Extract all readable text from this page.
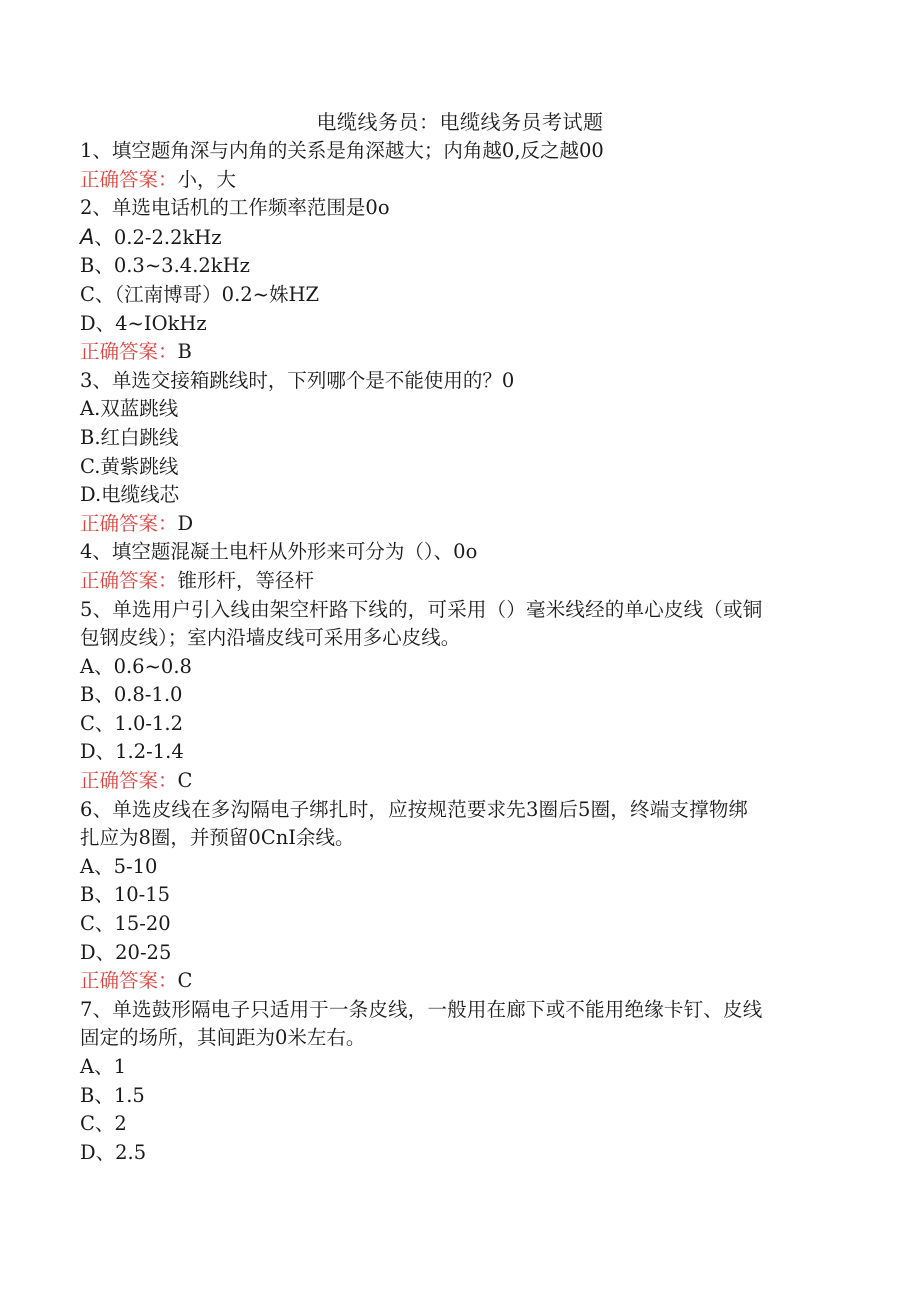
电缆线务员：电缆线务员考试题
1、填空题角深与内角的关系是角深越大；内角越0,反之越00
正确答案：小，大
2、单选电话机的工作频率范围是0o
A、0.2-2.2kHz
B、0.3~3.4.2kHz
C、（江南博哥）0.2~姝HZ
D、4~IOkHz
正确答案：B
3、单选交接箱跳线时，下列哪个是不能使用的？0
A.双蓝跳线
B.红白跳线
C.黄紫跳线
D.电缆线芯
正确答案：D
4、填空题混凝土电杆从外形来可分为（）、0o
正确答案：锥形杆，等径杆
5、单选用户引入线由架空杆路下线的，可采用（）毫米线经的单心皮线（或铜
包钢皮线）；室内沿墙皮线可采用多心皮线。
A、0.6~0.8
B、0.8-1.0
C、1.0-1.2
D、1.2-1.4
正确答案：C
6、单选皮线在多沟隔电子绑扎时，应按规范要求先3圈后5圈，终端支撑物绑
扎应为8圈，并预留0CnI余线。
A、5-10
B、10-15
C、15-20
D、20-25
正确答案：C
7、单选鼓形隔电子只适用于一条皮线，一般用在廊下或不能用绝缘卡钉、皮线
固定的场所，其间距为0米左右。
A、1
B、1.5
C、2
D、2.5
